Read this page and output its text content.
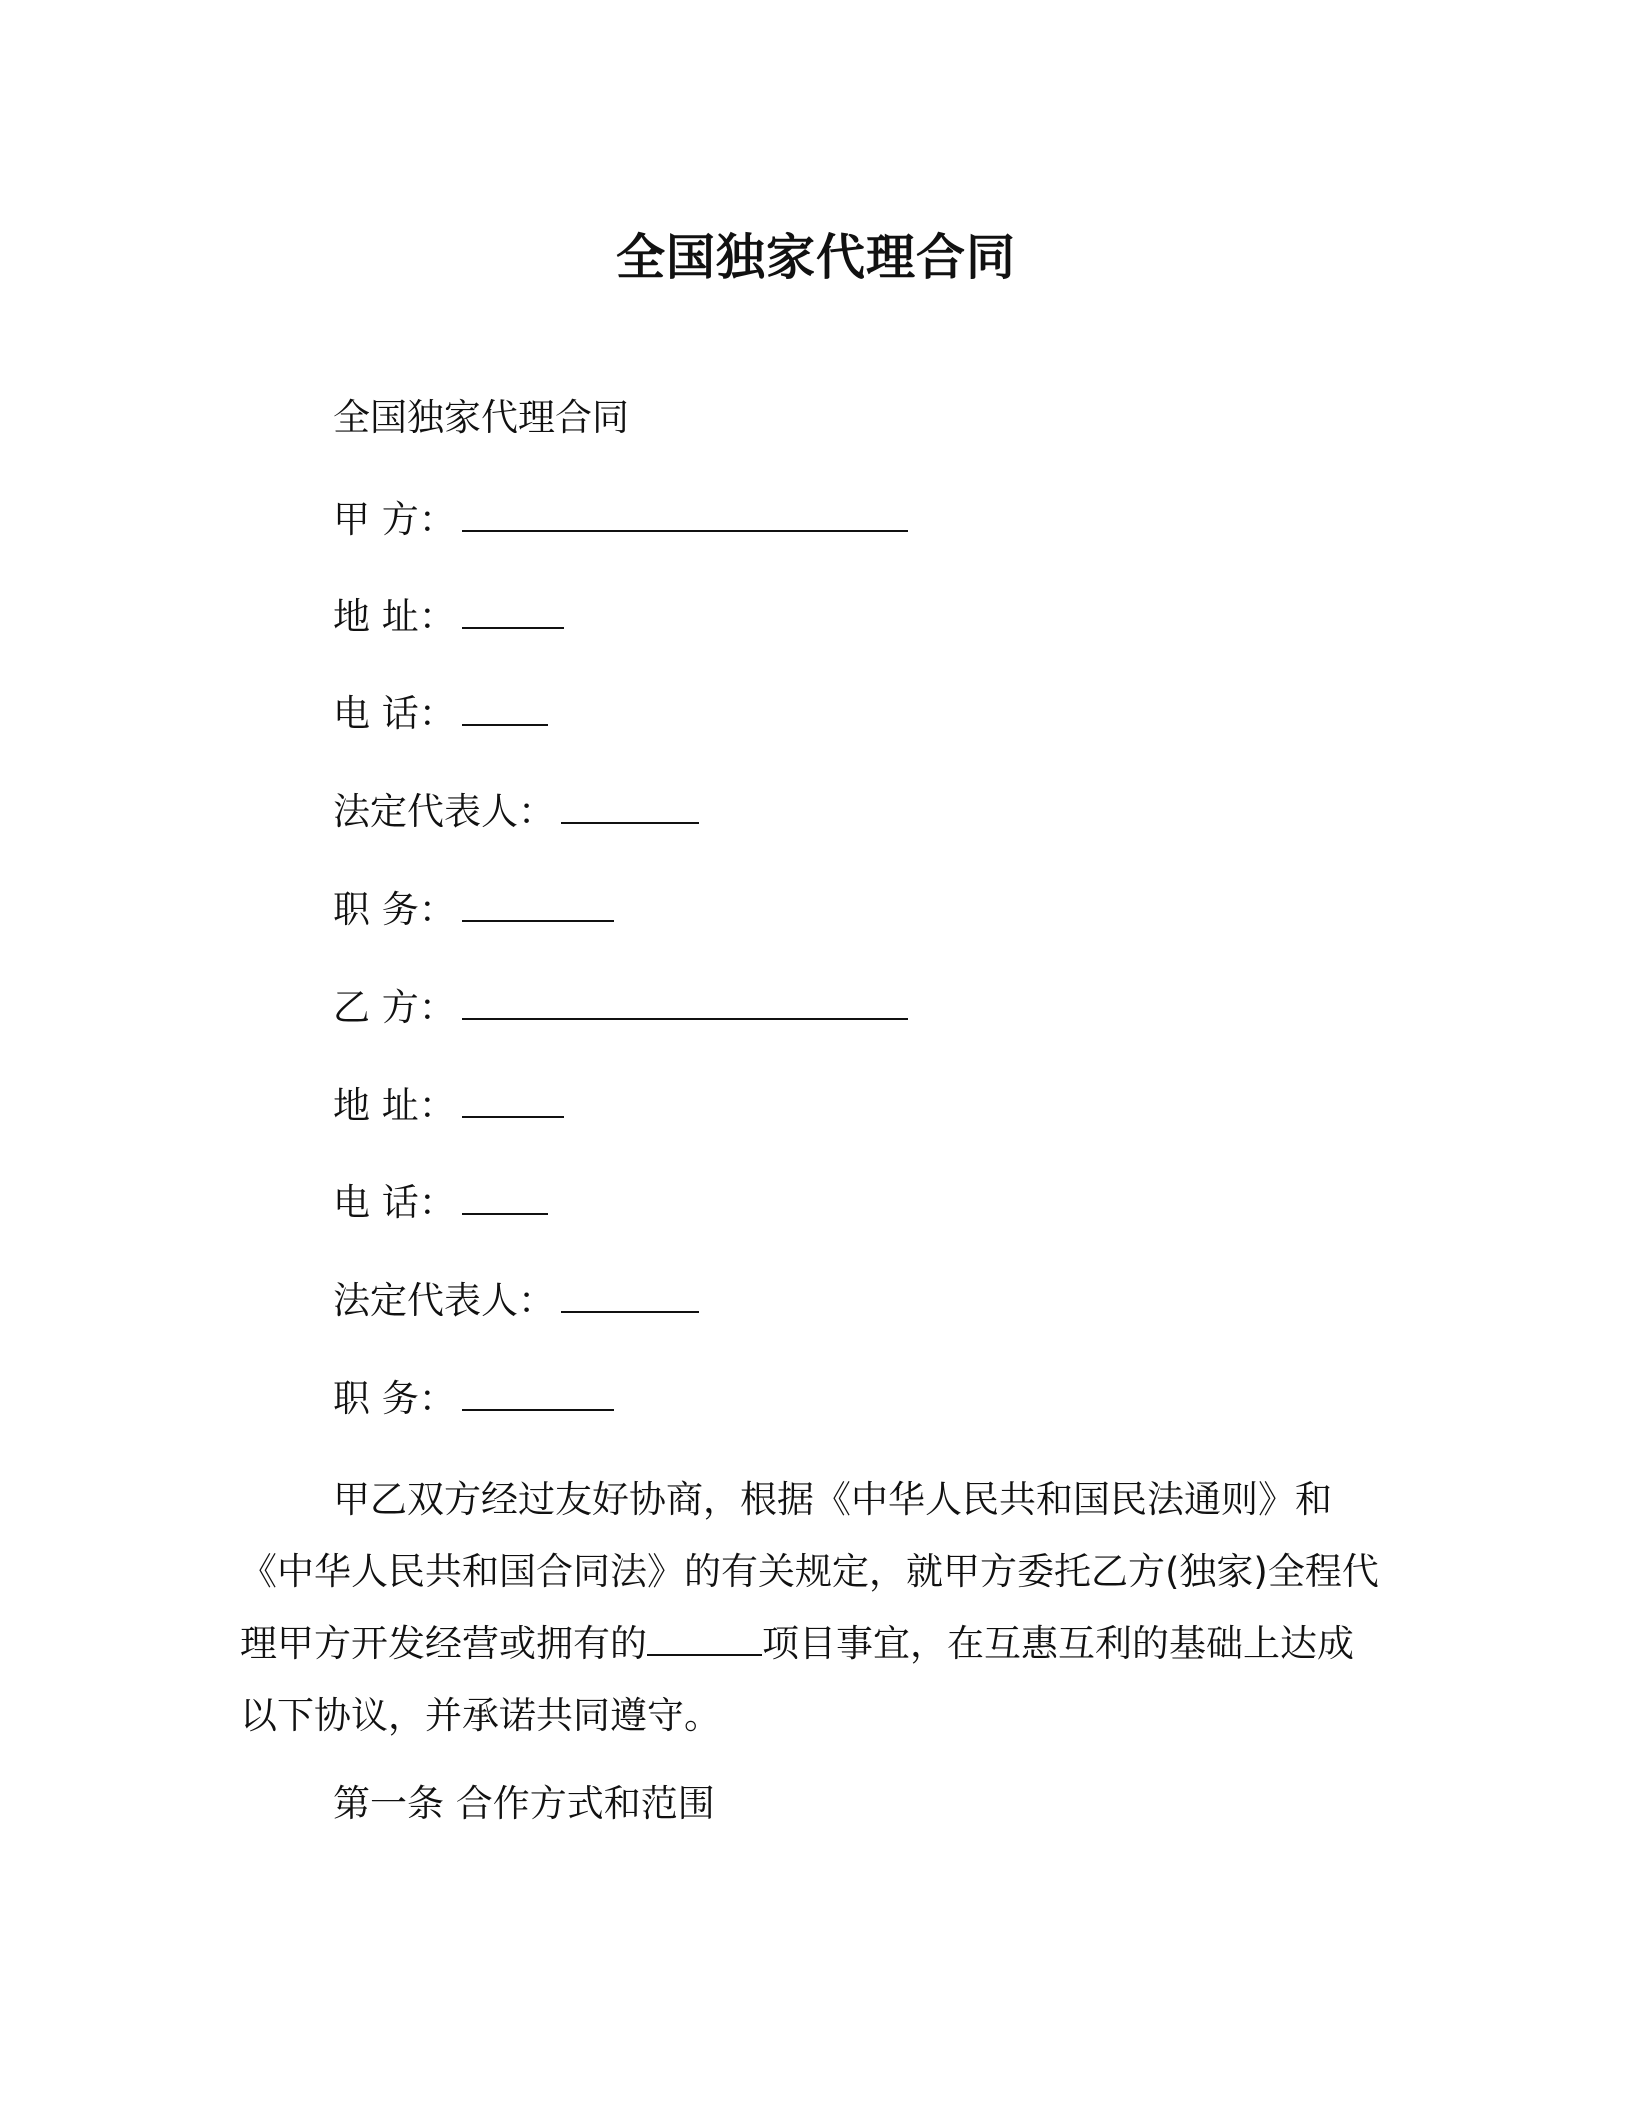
全国独家代理合同
全国独家代理合同
甲 方：
地 址：
电 话：
法定代表人：
职 务：
乙 方：
地 址：
电 话：
法定代表人：
职 务：

甲乙双方经过友好协商，根据《中华人民共和国民法通则》和

《中华人民共和国合同法》的有关规定，就甲方委托乙方(独家)全程代

理甲方开发经营或拥有的	项目事宜，在互惠互利的基础上达成

以下协议，并承诺共同遵守。

第一条 合作方式和范围
